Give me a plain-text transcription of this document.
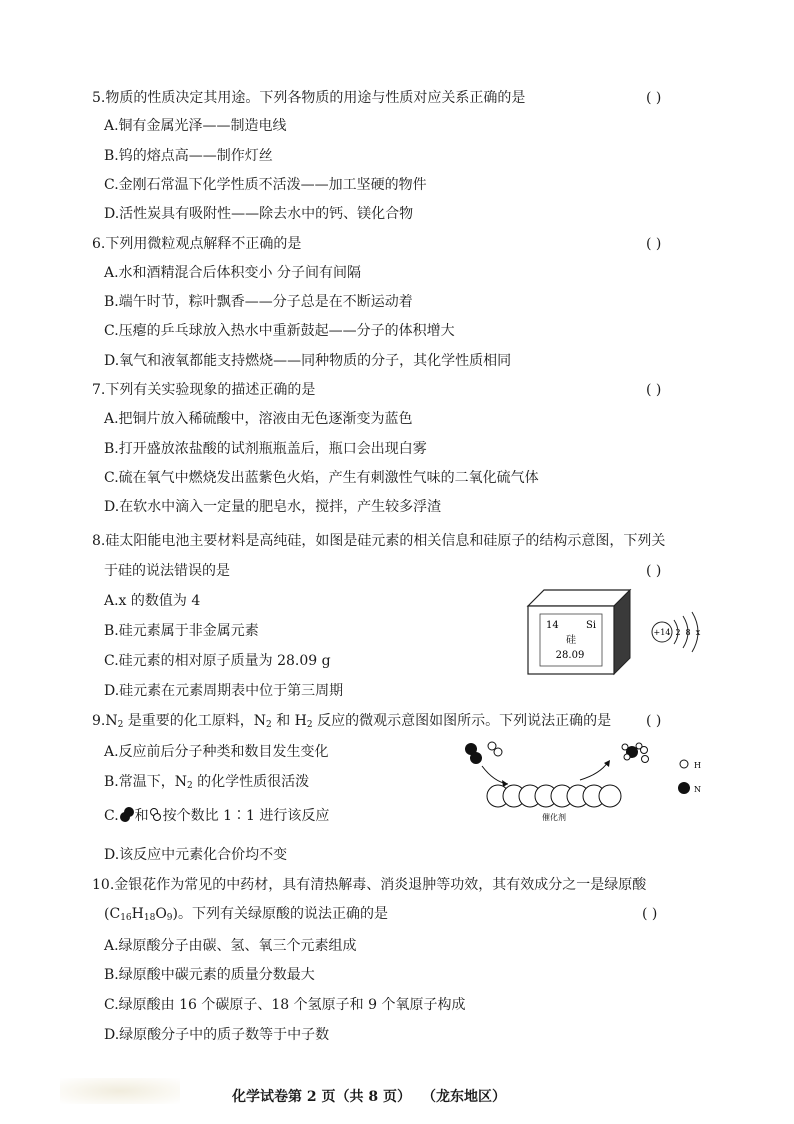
5.物质的性质决定其用途。下列各物质的用途与性质对应关系正确的是	( )
A.铜有金属光泽——制造电线
B.钨的熔点高——制作灯丝
C.金刚石常温下化学性质不活泼——加工坚硬的物件
D.活性炭具有吸附性——除去水中的钙、镁化合物
6.下列用微粒观点解释不正确的是	( )
A.水和酒精混合后体积变小 分子间有间隔
B.端午时节，粽叶飘香——分子总是在不断运动着
C.压瘪的乒乓球放入热水中重新鼓起——分子的体积增大
D.氧气和液氧都能支持燃烧——同种物质的分子，其化学性质相同
7.下列有关实验现象的描述正确的是	( )
A.把铜片放入稀硫酸中，溶液由无色逐渐变为蓝色
B.打开盛放浓盐酸的试剂瓶瓶盖后，瓶口会出现白雾
C.硫在氧气中燃烧发出蓝紫色火焰，产生有刺激性气味的二氧化硫气体
D.在软水中滴入一定量的肥皂水，搅拌，产生较多浮渣
8.硅太阳能电池主要材料是高纯硅，如图是硅元素的相关信息和硅原子的结构示意图，下列关
于硅的说法错误的是	( )
A.x 的数值为 4
B.硅元素属于非金属元素
C.硅元素的相对原子质量为 28.09 g
D.硅元素在元素周期表中位于第三周期
14	Si
硅
28.09
+14 2 8 x
$9.N_2$ 是重要的化工原料，$N_2$ 和 $H_2$ 反应的微观示意图如图所示。下列说法正确的是 ( )
A.反应前后分子种类和数目发生变化
B.常温下，$N_2$ 的化学性质很活泼
C. 和 按个数比 1∶1 进行该反应
D.该反应中元素化合价均不变
催化剂
H
N
10.金银花作为常见的中药材，具有清热解毒、消炎退肿等功效，其有效成分之一是绿原酸
$(C_{16}H_{18}O_9)$。下列有关绿原酸的说法正确的是	( )
A.绿原酸分子由碳、氢、氧三个元素组成
B.绿原酸中碳元素的质量分数最大
C.绿原酸由 16 个碳原子、18 个氢原子和 9 个氧原子构成
D.绿原酸分子中的质子数等于中子数
化学试卷第 2 页（共 8 页） （龙东地区）
